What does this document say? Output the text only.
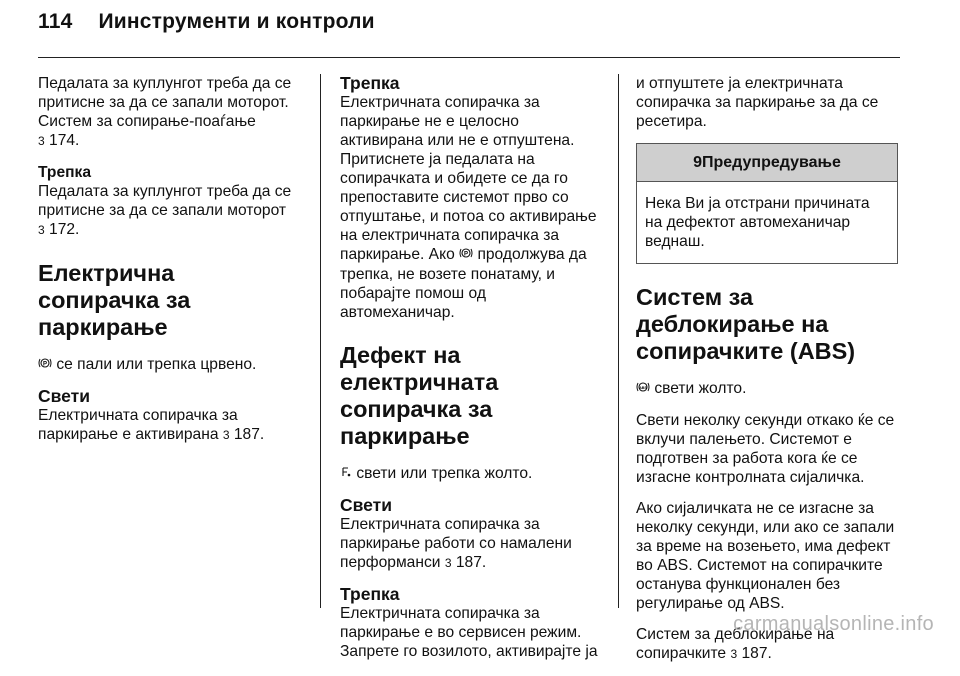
114 Иинструменти и контроли

Педалата за куплунгот треба да се притисне за да се запали моторот. Систем за сопирање-поаѓање
3 174.

Трепка

Педалата за куплунгот треба да се притисне за да се запали моторот
3 172.

Електрична сопирачка за паркирање

P се пали или трепка црвено.

Свети

Електричната сопирачка за паркирање е активирана 3 187.

Трепка

Електричната сопирачка за паркирање не е целосно активирана или не е отпуштена. Притиснете ја педалата на сопирачката и обидете се да го препоставите системот прво со отпуштање, и потоа со активирање на електричната сопирачка за паркирање. Ако P продолжува да трепка, не возете понатаму, и побарајте помош од автомеханичар.

Дефект на електричната сопирачка за паркирање

свети или трепка жолто.

Свети

Електричната сопирачка за паркирање работи со намалени перформанси 3 187.

Трепка

Електричната сопирачка за паркирање е во сервисен режим. Запрете го возилото, активирајте ја

и отпуштете ја електричната сопирачка за паркирање за да се ресетира.

9Предупредување
Нека Ви ја отстрани причината на дефектот автомеханичар веднаш.
Систем за деблокирање на сопирачките (ABS)

ABS свети жолто.

Свети неколку секунди откако ќе се вклучи палењето. Системот е подготвен за работа кога ќе се изгасне контролната сијаличка.

Ако сијаличката не се изгасне за неколку секунди, или ако се запали за време на возењето, има дефект во ABS. Системот на сопирачките останува функционален без регулирање од ABS.

Систем за деблокирање на сопирачките 3 187.

carmanualsonline.info
